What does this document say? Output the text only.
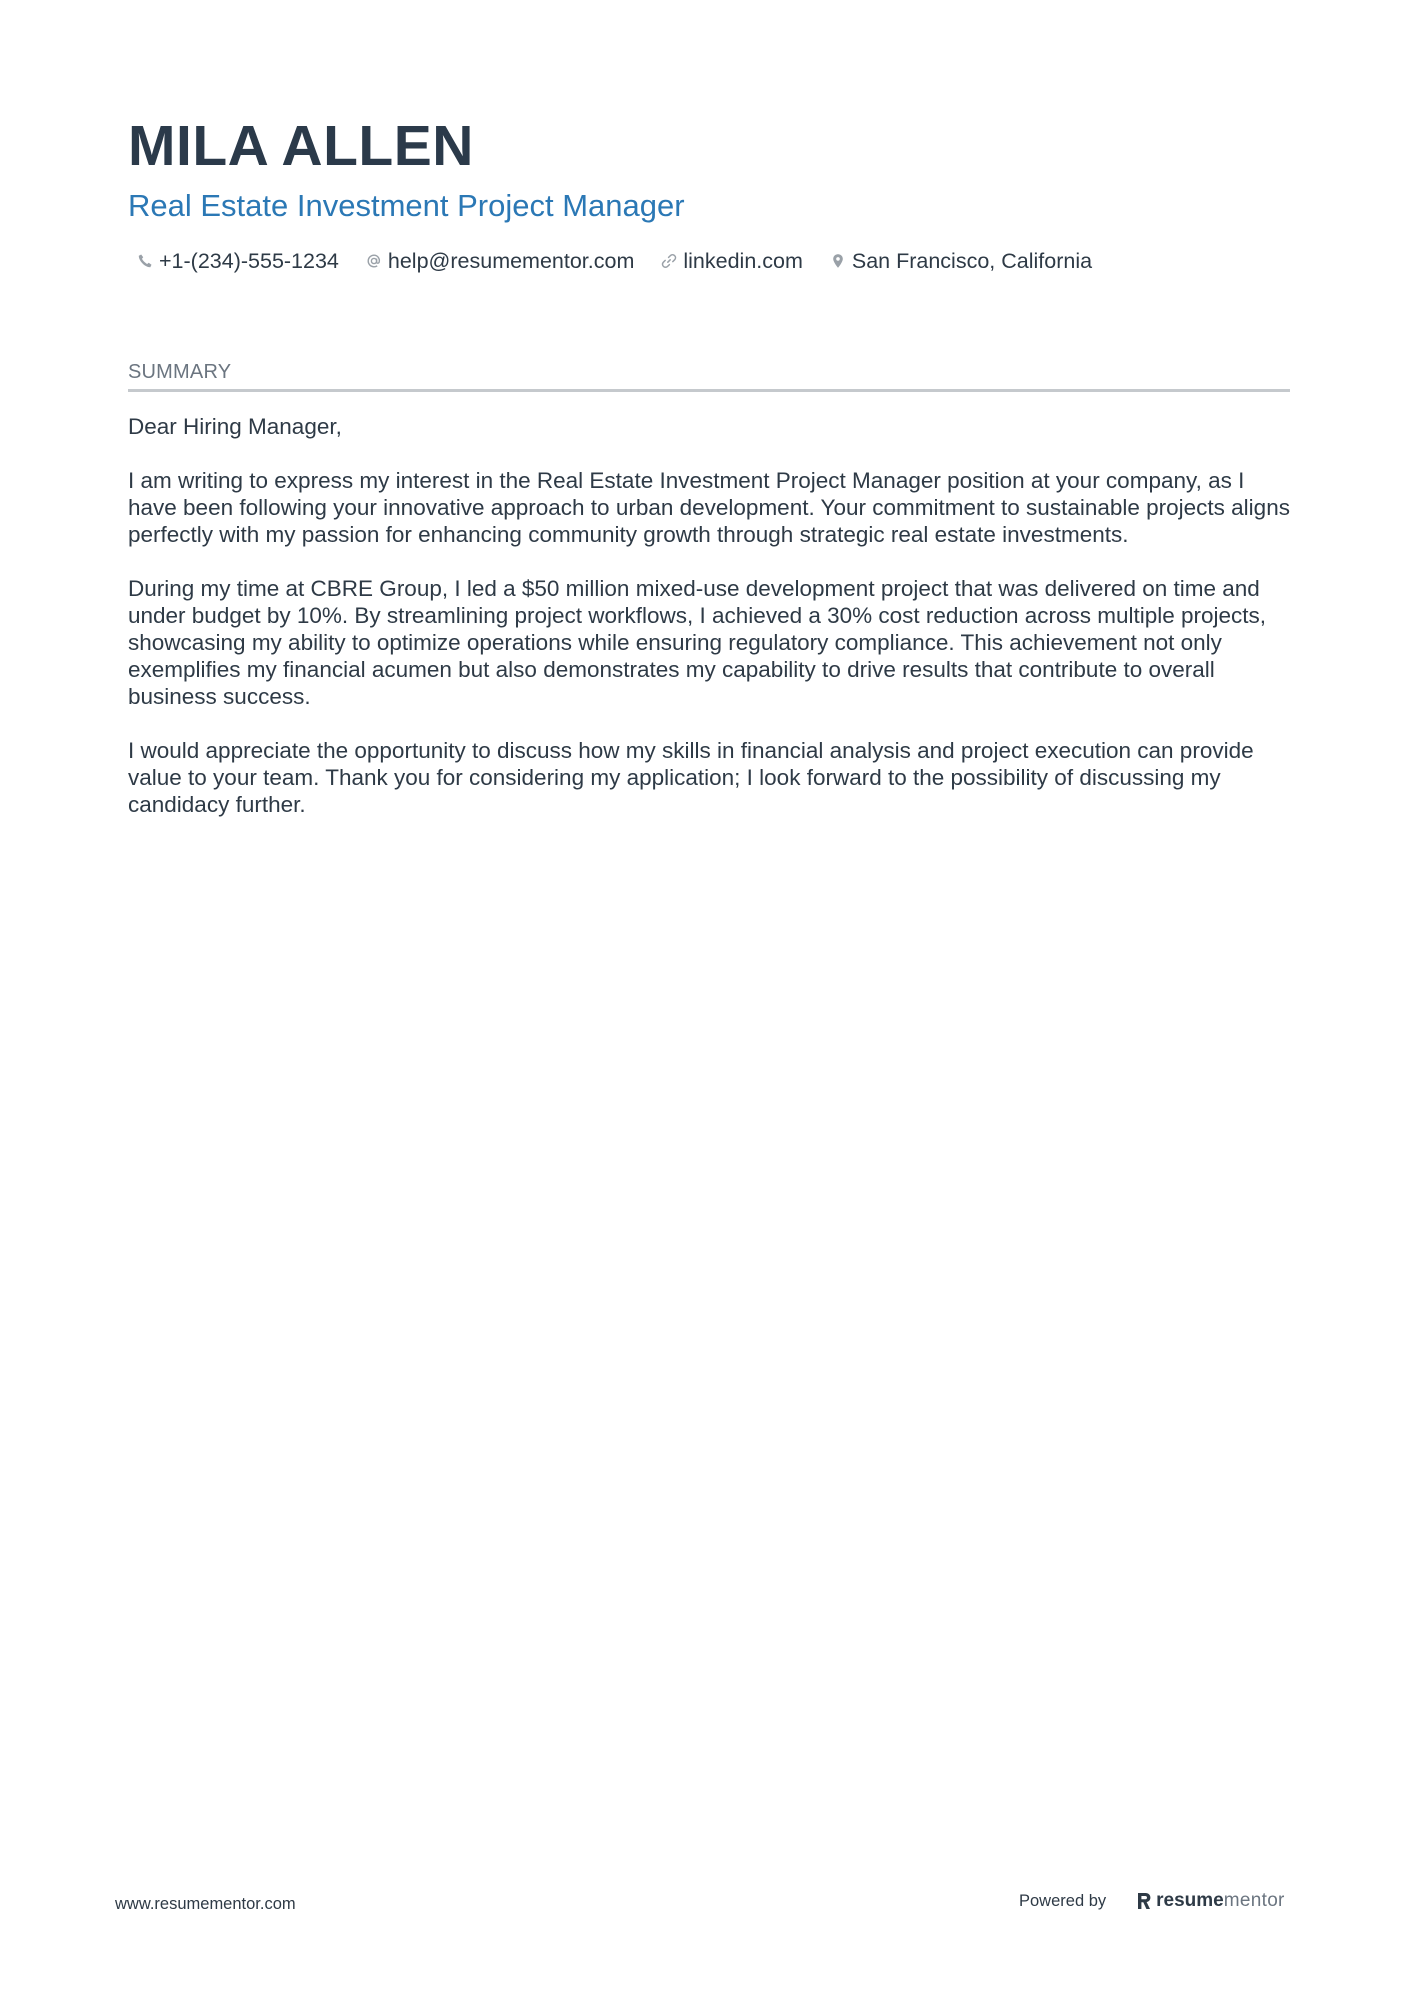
MILA ALLEN
Real Estate Investment Project Manager
+1-(234)-555-1234 help@resumementor.com linkedin.com San Francisco, California
SUMMARY

Dear Hiring Manager,

I am writing to express my interest in the Real Estate Investment Project Manager position at your company, as I have been following your innovative approach to urban development. Your commitment to sustainable projects aligns perfectly with my passion for enhancing community growth through strategic real estate investments.

During my time at CBRE Group, I led a $50 million mixed-use development project that was delivered on time and under budget by 10%. By streamlining project workflows, I achieved a 30% cost reduction across multiple projects, showcasing my ability to optimize operations while ensuring regulatory compliance. This achievement not only exemplifies my financial acumen but also demonstrates my capability to drive results that contribute to overall business success.

I would appreciate the opportunity to discuss how my skills in financial analysis and project execution can provide value to your team. Thank you for considering my application; I look forward to the possibility of discussing my candidacy further.

www.resumementor.com	Powered by	resume mentor
